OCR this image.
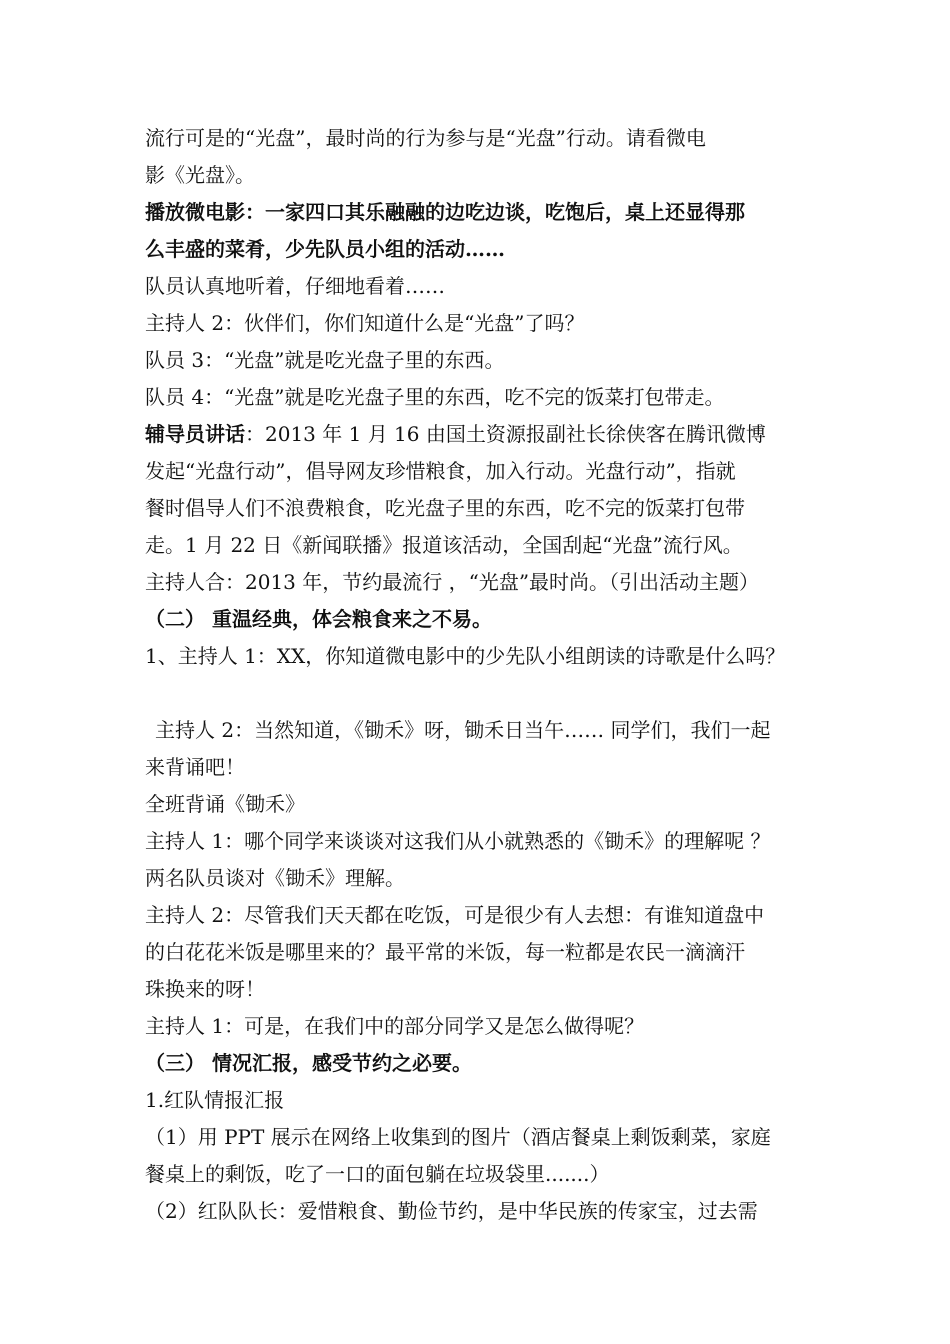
流行可是的“光盘”，最时尚的行为参与是“光盘”行动。请看微电
影《光盘》。
播放微电影：一家四口其乐融融的边吃边谈，吃饱后，桌上还显得那
么丰盛的菜肴，少先队员小组的活动……
队员认真地听着，仔细地看着……
主持人 2：伙伴们，你们知道什么是“光盘”了吗？
队员 3：“光盘”就是吃光盘子里的东西。
队员 4：“光盘”就是吃光盘子里的东西，吃不完的饭菜打包带走。
辅导员讲话：2013 年 1 月 16 由国土资源报副社长徐侠客在腾讯微博
发起“光盘行动”，倡导网友珍惜粮食，加入行动。光盘行动”，指就
餐时倡导人们不浪费粮食，吃光盘子里的东西，吃不完的饭菜打包带
走。1 月 22 日《新闻联播》报道该活动，全国刮起“光盘”流行风。
主持人合：2013 年，节约最流行 ，“光盘”最时尚。（引出活动主题）
（二） 重温经典，体会粮食来之不易。
1、主持人 1：XX，你知道微电影中的少先队小组朗读的诗歌是什么吗？
主持人 2：当然知道，《锄禾》呀，锄禾日当午…… 同学们，我们一起
来背诵吧！
全班背诵《锄禾》
主持人 1：哪个同学来谈谈对这我们从小就熟悉的《锄禾》的理解呢 ？
两名队员谈对《锄禾》理解。
主持人 2：尽管我们天天都在吃饭，可是很少有人去想：有谁知道盘中
的白花花米饭是哪里来的？最平常的米饭，每一粒都是农民一滴滴汗
珠换来的呀！
主持人 1：可是，在我们中的部分同学又是怎么做得呢？
（三） 情况汇报，感受节约之必要。
1.红队情报汇报
（1）用 PPT 展示在网络上收集到的图片（酒店餐桌上剩饭剩菜，家庭
餐桌上的剩饭，吃了一口的面包躺在垃圾袋里.......）
（2）红队队长：爱惜粮食、勤俭节约，是中华民族的传家宝，过去需
